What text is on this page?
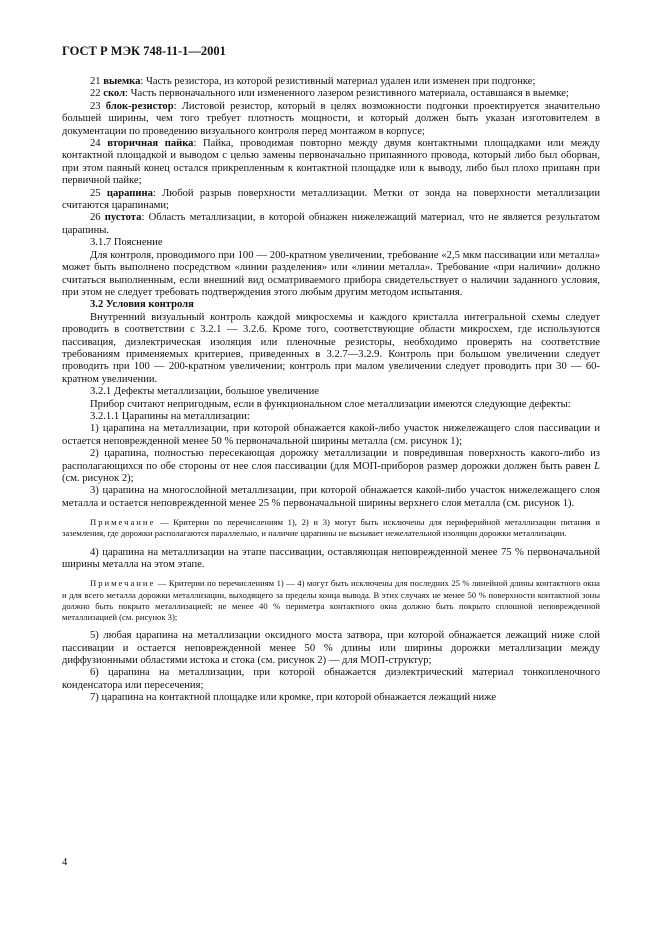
ГОСТ Р МЭК 748-11-1—2001

21 выемка: Часть резистора, из которой резистивный материал удален или изменен при подгонке;

22 скол: Часть первоначального или измененного лазером резистивного материала, оставшаяся в выемке;

23 блок-резистор: Листовой резистор, который в целях возможности подгонки проектируется значительно большей ширины, чем того требует плотность мощности, и который должен быть указан изготовителем в документации по проведению визуального контроля перед монтажом в корпусе;

24 вторичная пайка: Пайка, проводимая повторно между двумя контактными площадками или между контактной площадкой и выводом с целью замены первоначально припаянного провода, который либо был оборван, при этом паяный конец остался прикрепленным к контактной площадке или к выводу, либо был плохо припаян при первичной пайке;

25 царапина: Любой разрыв поверхности металлизации. Метки от зонда на поверхности металлизации считаются царапинами;

26 пустота: Область металлизации, в которой обнажен нижележащий материал, что не является результатом царапины.

3.1.7 Пояснение

Для контроля, проводимого при 100 — 200-кратном увеличении, требование «2,5 мкм пассивации или металла» может быть выполнено посредством «линии разделения» или «линии металла». Требование «при наличии» должно считаться выполненным, если внешний вид осматриваемого прибора свидетельствует о наличии заданного условия, при этом не следует требовать подтверждения этого любым другим методом испытания.

3.2 Условия контроля

Внутренний визуальный контроль каждой микросхемы и каждого кристалла интегральной схемы следует проводить в соответствии с 3.2.1 — 3.2.6. Кроме того, соответствующие области микросхем, где используются пассивация, диэлектрическая изоляция или пленочные резисторы, необходимо проверять на соответствие требованиям применяемых критериев, приведенных в 3.2.7—3.2.9. Контроль при большом увеличении следует проводить при 100 — 200-кратном увеличении; контроль при малом увеличении следует проводить при 30 — 60-кратном увеличении.

3.2.1 Дефекты металлизации, большое увеличение

Прибор считают непригодным, если в функциональном слое металлизации имеются следующие дефекты:

3.2.1.1 Царапины на металлизации:

1) царапина на металлизации, при которой обнажается какой-либо участок нижележащего слоя пассивации и остается неповрежденной менее 50 % первоначальной ширины металла (см. рисунок 1);

2) царапина, полностью пересекающая дорожку металлизации и повредившая поверхность какого-либо из располагающихся по обе стороны от нее слоя пассивации (для МОП-приборов размер дорожки должен быть равен L (см. рисунок 2);

3) царапина на многослойной металлизации, при которой обнажается какой-либо участок нижележащего слоя металла и остается неповрежденной менее 25 % первоначальной ширины верхнего слоя металла (см. рисунок 1).

Примечание — Критерии по перечислениям 1), 2) и 3) могут быть исключены для периферийной металлизации питания и заземления, где дорожки располагаются параллельно, и наличие царапины не вызывает нежелательной изоляции дорожки металлизации.

4) царапина на металлизации на этапе пассивации, оставляющая неповрежденной менее 75 % первоначальной ширины металла на этом этапе.

Примечание — Критерии по перечислениям 1) — 4) могут быть исключены для последних 25 % линейной длины контактного окна и для всего металла дорожки металлизации, выходящего за пределы конца вывода. В этих случаях не менее 50 % поверхности контактной зоны должно быть покрыто металлизацией; не менее 40 % периметра контактного окна должно быть покрыто сплошной неповрежденной металлизацией (см. рисунок 3);

5) любая царапина на металлизации оксидного моста затвора, при которой обнажается лежащий ниже слой пассивации и остается неповрежденной менее 50 % длины или ширины дорожки металлизации между диффузионными областями истока и стока (см. рисунок 2) — для МОП-структур;

6) царапина на металлизации, при которой обнажается диэлектрический материал тонкопленочного конденсатора или пересечения;

7) царапина на контактной площадке или кромке, при которой обнажается лежащий ниже

4
